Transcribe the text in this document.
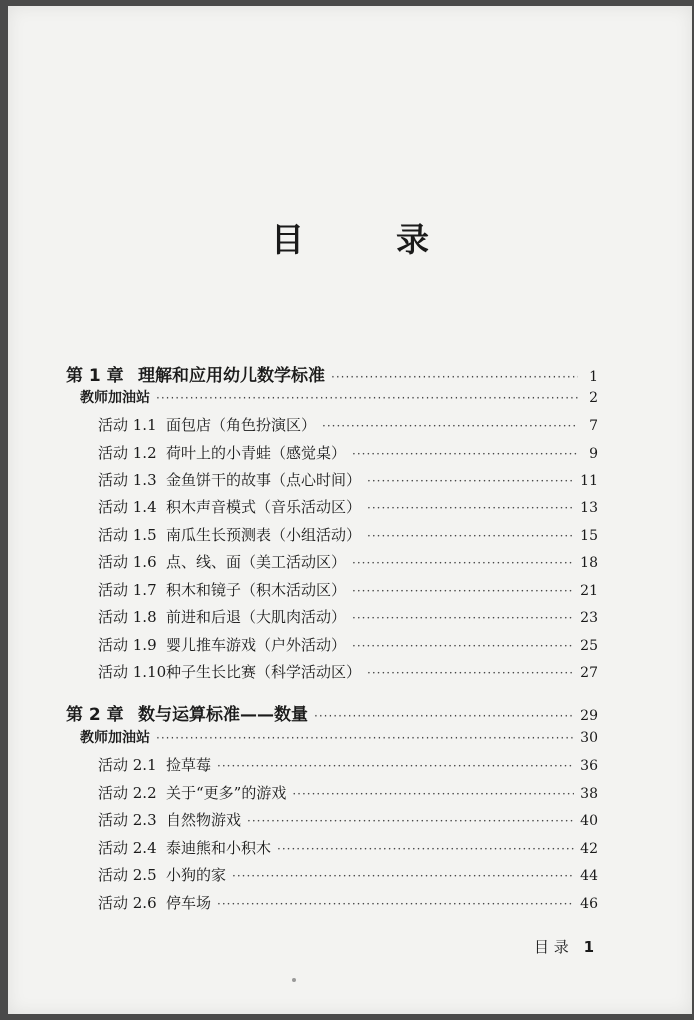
目录
第 1 章 理解和应用幼儿数学标准 ·····	1
教师加油站 ·····	2
活动 1.1 面包店（角色扮演区） ·····	7
活动 1.2 荷叶上的小青蛙（感觉桌） ·····	9
活动 1.3 金鱼饼干的故事（点心时间） ·····	11
活动 1.4 积木声音模式（音乐活动区） ·····	13
活动 1.5 南瓜生长预测表（小组活动） ·····	15
活动 1.6 点、线、面（美工活动区） ·····	18
活动 1.7 积木和镜子（积木活动区） ·····	21
活动 1.8 前进和后退（大肌肉活动） ·····	23
活动 1.9 婴儿推车游戏（户外活动） ·····	25
活动 1.10 种子生长比赛（科学活动区） ·····	27
第 2 章 数与运算标准——数量 ·····	29
教师加油站 ·····	30
活动 2.1 捡草莓 ·····	36
活动 2.2 关于“更多”的游戏 ·····	38
活动 2.3 自然物游戏 ·····	40
活动 2.4 泰迪熊和小积木 ·····	42
活动 2.5 小狗的家 ·····	44
活动 2.6 停车场 ·····	46
目 录 1
